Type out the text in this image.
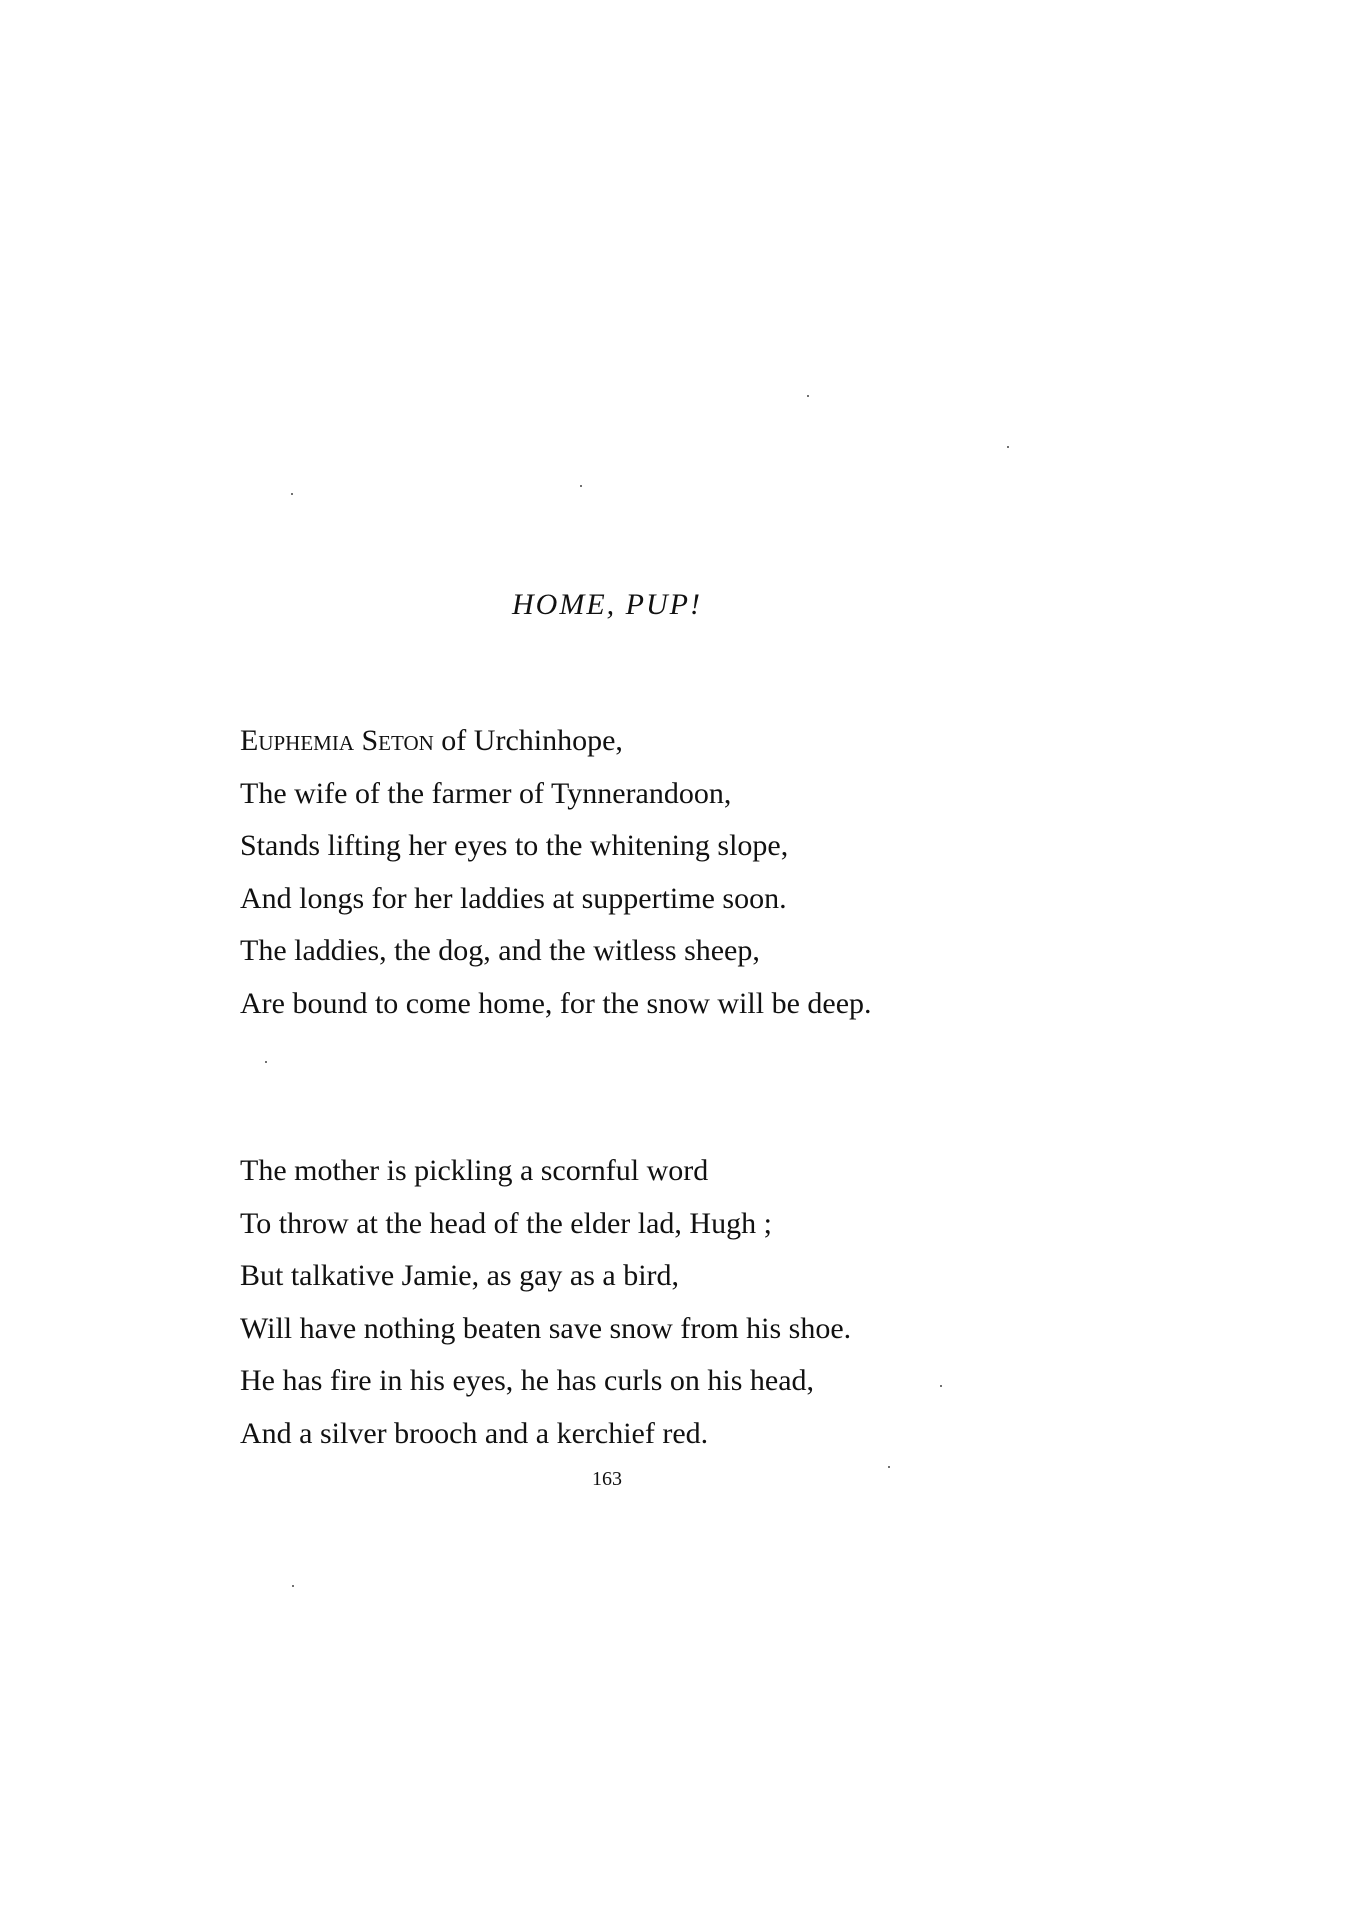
HOME, PUP!
Euphemia Seton of Urchinhope,
The wife of the farmer of Tynnerandoon,
Stands lifting her eyes to the whitening slope,
And longs for her laddies at suppertime soon.
The laddies, the dog, and the witless sheep,
Are bound to come home, for the snow will be deep.
The mother is pickling a scornful word
To throw at the head of the elder lad, Hugh ;
But talkative Jamie, as gay as a bird,
Will have nothing beaten save snow from his shoe.
He has fire in his eyes, he has curls on his head,
And a silver brooch and a kerchief red.
163
